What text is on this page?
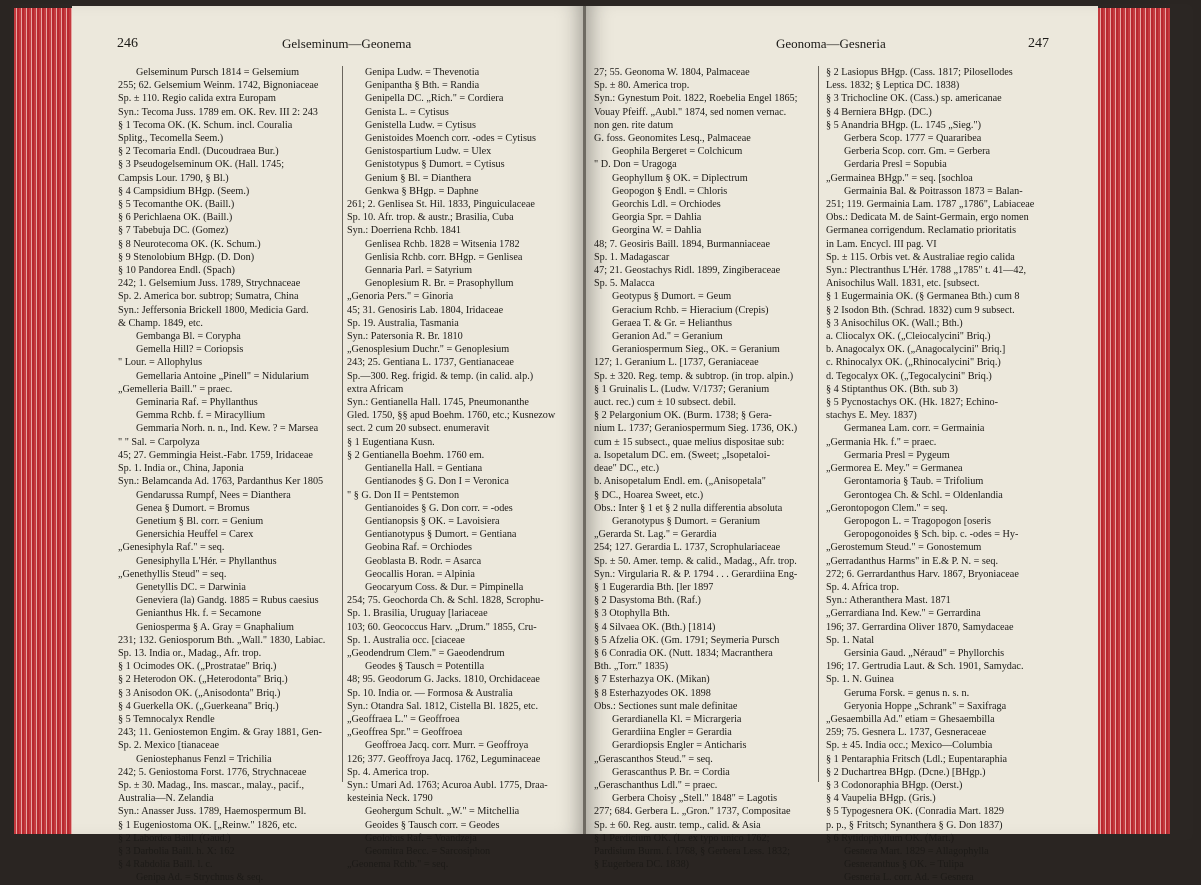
246	Gelseminum—Geonema
Gelseminum Pursch 1814 = Gelsemium
255; 62. Gelsemium Weinm. 1742, Bignoniaceae
Sp. ± 110. Regio calida extra Europam
Syn.: Tecoma Juss. 1789 em. OK. Rev. III 2: 243
§ 1 Tecoma OK. (K. Schum. incl. Couralia
Splitg., Tecomella Seem.)
§ 2 Tecomaria Endl. (Ducoudraea Bur.)
§ 3 Pseudogelseminum OK. (Hall. 1745;
Campsis Lour. 1790, § Bl.)
§ 4 Campsidium BHgp. (Seem.)
§ 5 Tecomanthe OK. (Baill.)
§ 6 Perichlaena OK. (Baill.)
§ 7 Tabebuja DC. (Gomez)
§ 8 Neurotecoma OK. (K. Schum.)
§ 9 Stenolobium BHgp. (D. Don)
§ 10 Pandorea Endl. (Spach)
242; 1. Gelsemium Juss. 1789, Strychnaceae
Sp. 2. America bor. subtrop; Sumatra, China
Syn.: Jeffersonia Brickell 1800, Medicia Gard.
& Champ. 1849, etc.
Gembanga Bl. = Corypha
Gemella Hill? = Coriopsis
" Lour. = Allophylus
Gemellaria Antoine „Pinell" = Nidularium
„Gemelleria Baill." = praec.
Geminaria Raf. = Phyllanthus
Gemma Rchb. f. = Miracyllium
Gemmaria Norh. n. n., Ind. Kew. ? = Marsea
" " Sal. = Carpolyza
45; 27. Gemmingia Heist.-Fabr. 1759, Iridaceae
Sp. 1. India or., China, Japonia
Syn.: Belamcanda Ad. 1763, Pardanthus Ker 1805
Gendarussa Rumpf, Nees = Dianthera
Genea § Dumort. = Bromus
Genetium § Bl. corr. = Genium
Genersichia Heuffel = Carex
„Genesiphyla Raf." = seq.
Genesiphylla L'Hér. = Phyllanthus
„Genethyllis Steud" = seq.
Genetyllis DC. = Darwinia
Geneviera (la) Gandg. 1885 = Rubus caesius
Genianthus Hk. f. = Secamone
Geniosperma § A. Gray = Gnaphalium
231; 132. Geniosporum Bth. „Wall." 1830, Labiac.
Sp. 13. India or., Madag., Afr. trop.
§ 1 Ocimodes OK. („Prostratae" Briq.)
§ 2 Heterodon OK. („Heterodonta" Briq.)
§ 3 Anisodon OK. („Anisodonta" Briq.)
§ 4 Guerkella OK. („Guerkeana" Briq.)
§ 5 Temnocalyx Rendle
243; 11. Geniostemon Engim. & Gray 1881, Gen-
Sp. 2. Mexico [tianaceae
Geniostephanus Fenzl = Trichilia
242; 5. Geniostoma Forst. 1776, Strychnaceae
Sp. ± 30. Madag., Ins. mascar., malay., pacif.,
Australia—N. Zelandia
Syn.: Anasser Juss. 1789, Haemospermum Bl.
§ 1 Eugeniostoma OK. [„Reinw." 1826, etc.
§ 2 Labordea Baill. (Gaud.)
§ 3 Darbolia Baill. h. X: 162
§ 4 Rabdolia Baill. l. c.
Genipa Ad. = Strychnus & seq.
Genipa Ludw. = Thevenotia
Genipantha § Bth. = Randia
Genipella DC. „Rich." = Cordiera
Genista L. = Cytisus
Genistella Ludw. = Cytisus
Genistoides Moench corr. -odes = Cytisus
Genistospartium Ludw. = Ulex
Genistotypus § Dumort. = Cytisus
Genium § Bl. = Dianthera
Genkwa § BHgp. = Daphne
261; 2. Genlisea St. Hil. 1833, Pinguiculaceae
Sp. 10. Afr. trop. & austr.; Brasilia, Cuba
Syn.: Doerriena Rchb. 1841
Genlisea Rchb. 1828 = Witsenia 1782
Genlisia Rchb. corr. BHgp. = Genlisea
Gennaria Parl. = Satyrium
Genoplesium R. Br. = Prasophyllum
„Genoria Pers." = Ginoria
45; 31. Genosiris Lab. 1804, Iridaceae
Sp. 19. Australia, Tasmania
Syn.: Patersonia R. Br. 1810
„Genosplesium Duchr." = Genoplesium
243; 25. Gentiana L. 1737, Gentianaceae
Sp.—300. Reg. frigid. & temp. (in calid. alp.)
extra Africam
Syn.: Gentianella Hall. 1745, Pneumonanthe
Gled. 1750, §§ apud Boehm. 1760, etc.; Kusnezow
sect. 2 cum 20 subsect. enumeravit
§ 1 Eugentiana Kusn.
§ 2 Gentianella Boehm. 1760 em.
Gentianella Hall. = Gentiana
Gentianodes § G. Don I = Veronica
" § G. Don II = Pentstemon
Gentianoides § G. Don corr. = -odes
Gentianopsis § OK. = Lavoisiera
Gentianotypus § Dumort. = Gentiana
Geobina Raf. = Orchiodes
Geoblasta B. Rodr. = Asarca
Geocallis Horan. = Alpinia
Geocaryum Coss. & Dur. = Pimpinella
254; 75. Geochorda Ch. & Schl. 1828, Scrophu-
Sp. 1. Brasilia, Uruguay [lariaceae
103; 60. Geococcus Harv. „Drum." 1855, Cru-
Sp. 1. Australia occ. [ciaceae
„Geodendrum Clem." = Gaeodendrum
Geodes § Tausch = Potentilla
48; 95. Geodorum G. Jacks. 1810, Orchidaceae
Sp. 10. India or. — Formosa & Australia
Syn.: Otandra Sal. 1812, Cistella Bl. 1825, etc.
„Geoffraea L." = Geoffroea
„Geoffrea Spr." = Geoffroea
Geoffroea Jacq. corr. Murr. = Geoffroya
126; 377. Geoffroya Jacq. 1762, Leguminaceae
Sp. 4. America trop.
Syn.: Umari Ad. 1763; Acuroa Aubl. 1775, Draa-
kesteinia Neck. 1790
Geohergum Schult. „W." = Mitchellia
Geoides § Tausch corr. = Geodes
Geolobus Raf. = Voandzeja
Geomitra Becc. = Sarcosiphon
„Geonema Rchb." = seq.
Geonoma—Gesneria	247
27; 55. Geonoma W. 1804, Palmaceae
Sp. ± 80. America trop.
Syn.: Gynestum Poit. 1822, Roebelia Engel 1865;
Vouay Pfeiff. „Aubl." 1874, sed nomen vernac.
non gen. rite datum
G. foss. Geonomites Lesq., Palmaceae
Geophila Bergeret = Colchicum
" D. Don = Uragoga
Geophyllum § OK. = Diplectrum
Geopogon § Endl. = Chloris
Georchis Ldl. = Orchiodes
Georgia Spr. = Dahlia
Georgina W. = Dahlia
48; 7. Geosiris Baill. 1894, Burmanniaceae
Sp. 1. Madagascar
47; 21. Geostachys Ridl. 1899, Zingiberaceae
Sp. 5. Malacca
Geotypus § Dumort. = Geum
Geracium Rchb. = Hieracium (Crepis)
Geraea T. & Gr. = Helianthus
Geranion Ad." = Geranium
Geraniospermum Sieg., OK. = Geranium
127; 1. Geranium L. [1737, Geraniaceae
Sp. ± 320. Reg. temp. & subtrop. (in trop. alpin.)
§ 1 Gruinalis L. (Ludw. V/1737; Geranium
auct. rec.) cum ± 10 subsect. debil.
§ 2 Pelargonium OK. (Burm. 1738; § Gera-
nium L. 1737; Geraniospermum Sieg. 1736, OK.)
cum ± 15 subsect., quae melius dispositae sub:
a. Isopetalum DC. em. (Sweet; „Isopetaloi-
deae" DC., etc.)
b. Anisopetalum Endl. em. („Anisopetala"
§ DC., Hoarea Sweet, etc.)
Obs.: Inter § 1 et § 2 nulla differentia absoluta
Geranotypus § Dumort. = Geranium
„Gerarda St. Lag." = Gerardia
254; 127. Gerardia L. 1737, Scrophulariaceae
Sp. ± 50. Amer. temp. & calid., Madag., Afr. trop.
Syn.: Virgularia R. & P. 1794 . . . Gerardiina Eng-
§ 1 Eugerardia Bth. [ler 1897
§ 2 Dasystoma Bth. (Raf.)
§ 3 Otophylla Bth.
§ 4 Silvaea OK. (Bth.) [1814)
§ 5 Afzelia OK. (Gm. 1791; Seymeria Pursch
§ 6 Conradia OK. (Nutt. 1834; Macranthera
Bth. „Torr." 1835)
§ 7 Esterhazya OK. (Mikan)
§ 8 Esterhazyodes OK. 1898
Obs.: Sectiones sunt male definitae
Gerardianella Kl. = Micrargeria
Gerardiina Engler = Gerardia
Gerardiopsis Engler = Anticharis
„Gerascanthos Steud." = seq.
Gerascanthus P. Br. = Cordia
„Geraschanthus Ldl." = praec.
Gerbera Choisy „Stell." 1848" = Lagotis
277; 684. Gerbera L. „Gron." 1737, Compositae
Sp. ± 60. Reg. austr. temp., calid. & Asia
§ 1 Perdicium OK. (L. ex typo unico 1762;
Pardisium Burm. f. 1768, § Gerbera Less. 1832;
§ Eugerbera DC. 1838)
§ 2 Lasiopus BHgp. (Cass. 1817; Pilosellodes
Less. 1832; § Leptica DC. 1838)
§ 3 Trichocline OK. (Cass.) sp. americanae
§ 4 Berniera BHgp. (DC.)
§ 5 Anandria BHgp. (L. 1745 „Sieg.")
Gerbera Scop. 1777 = Quararibea
Gerberia Scop. corr. Gm. = Gerbera
Gerdaria Presl = Sopubia
„Germainea BHgp." = seq. [sochloa
Germainia Bal. & Poitrasson 1873 = Balan-
251; 119. Germainia Lam. 1787 „1786", Labiaceae
Obs.: Dedicata M. de Saint-Germain, ergo nomen
Germanea corrigendum. Reclamatio prioritatis
in Lam. Encycl. III pag. VI
Sp. ± 115. Orbis vet. & Australiae regio calida
Syn.: Plectranthus L'Hér. 1788 „1785" t. 41—42,
Anisochilus Wall. 1831, etc. [subsect.
§ 1 Eugermainia OK. (§ Germanea Bth.) cum 8
§ 2 Isodon Bth. (Schrad. 1832) cum 9 subsect.
§ 3 Anisochilus OK. (Wall.; Bth.)
a. Cliocalyx OK. („Cleiocalycini" Briq.)
b. Anagocalyx OK. („Anagocalycini" Briq.]
c. Rhinocalyx OK. („Rhinocalycini" Briq.)
d. Tegocalyx OK. („Tegocalycini" Briq.)
§ 4 Stiptanthus OK. (Bth. sub 3)
§ 5 Pycnostachys OK. (Hk. 1827; Echino-
stachys E. Mey. 1837)
Germanea Lam. corr. = Germainia
„Germania Hk. f." = praec.
Germaria Presl = Pygeum
„Germorea E. Mey." = Germanea
Gerontamoria § Taub. = Trifolium
Gerontogea Ch. & Schl. = Oldenlandia
„Gerontopogon Clem." = seq.
Geropogon L. = Tragopogon [oseris
Geropogonoides § Sch. bip. c. -odes = Hy-
„Gerostemum Steud." = Gonostemum
„Gerradanthus Harms" in E.& P. N. = seq.
272; 6. Gerrardanthus Harv. 1867, Bryoniaceae
Sp. 4. Africa trop.
Syn.: Atheranthera Mast. 1871
„Gerrardiana Ind. Kew." = Gerrardina
196; 37. Gerrardina Oliver 1870, Samydaceae
Sp. 1. Natal
Gersinia Gaud. „Néraud" = Phyllorchis
196; 17. Gertrudia Laut. & Sch. 1901, Samydac.
Sp. 1. N. Guinea
Geruma Forsk. = genus n. s. n.
Geryonia Hoppe „Schrank" = Saxifraga
„Gesaembilla Ad." etiam = Ghesaembilla
259; 75. Gesnera L. 1737, Gesneraceae
Sp. ± 45. India occ.; Mexico—Columbia
§ 1 Pentaraphia Fritsch (Ldl.; Eupentaraphia
§ 2 Duchartrea BHgp. (Dcne.) [BHgp.)
§ 3 Codonoraphia BHgp. (Oerst.)
§ 4 Vaupelia BHgp. (Gris.)
§ 5 Typogesnera OK. (Conradia Mart. 1829
p. p., § Fritsch; Synanthera § G. Don 1837)
§ 6 Rytidophyllum OK. (Mart.)
Gesnera Mart. 1829 = Allagophylla
Gesneranthus § OK. = Tulipa
Gesneria L. corr. Ad. = Gesnera
